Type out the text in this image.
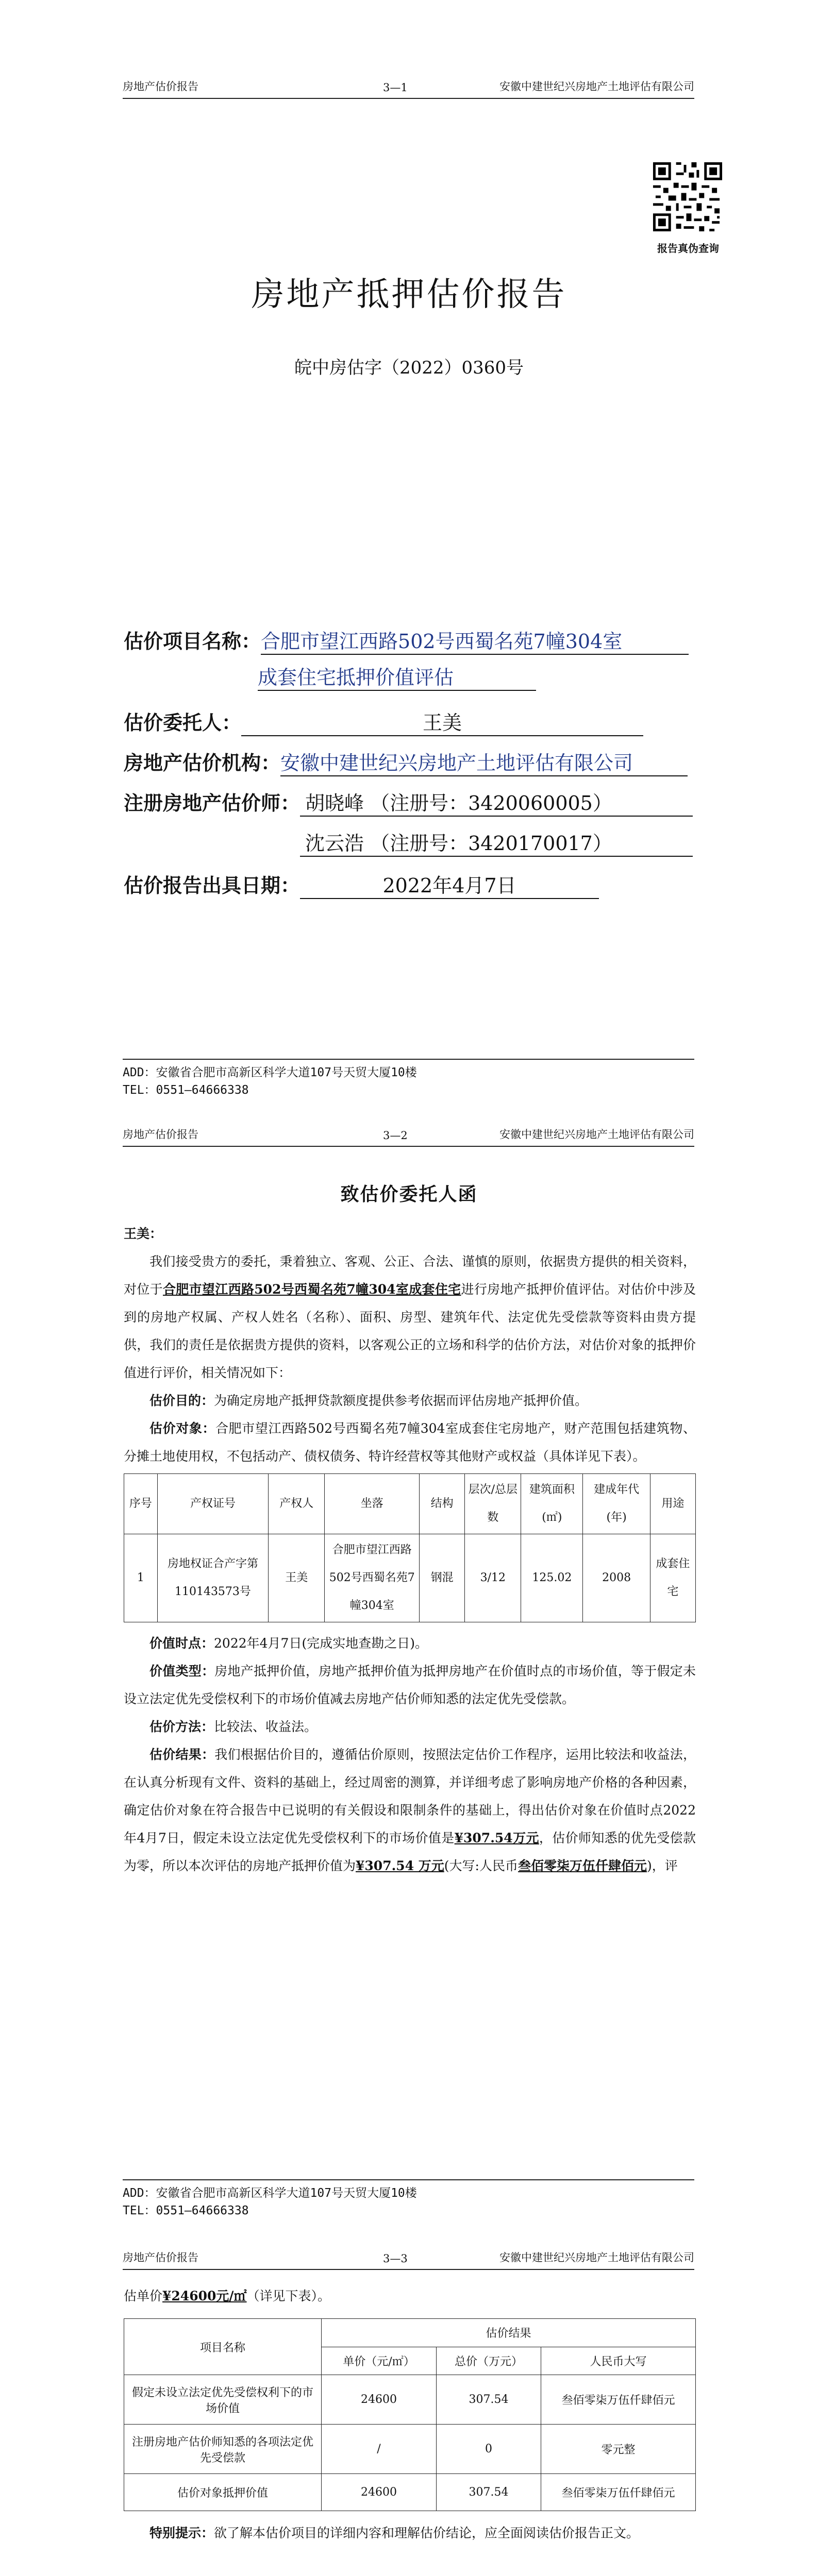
房地产估价报告	3—1	安徽中建世纪兴房地产土地评估有限公司
报告真伪查询
房地产抵押估价报告
皖中房估字（2022）0360号
估价项目名称：合肥市望江西路502号西蜀名苑7幢304室
成套住宅抵押价值评估
估价委托人：	王美
房地产估价机构：安徽中建世纪兴房地产土地评估有限公司
注册房地产估价师： 胡晓峰 （注册号：3420060005）
沈云浩 （注册号：3420170017）
估价报告出具日期：	2022年4月7日
ADD：安徽省合肥市高新区科学大道107号天贸大厦10楼
TEL：0551—64666338
房地产估价报告	3—2	安徽中建世纪兴房地产土地评估有限公司
致估价委托人函
王美：
我们接受贵方的委托，秉着独立、客观、公正、合法、谨慎的原则，依据贵方提供的相关资料，对位于合肥市望江西路502号西蜀名苑7幢304室成套住宅进行房地产抵押价值评估。对估价中涉及到的房地产权属、产权人姓名（名称）、面积、房型、建筑年代、法定优先受偿款等资料由贵方提供，我们的责任是依据贵方提供的资料，以客观公正的立场和科学的估价方法，对估价对象的抵押价值进行评价，相关情况如下：
估价目的：为确定房地产抵押贷款额度提供参考依据而评估房地产抵押价值。
估价对象：合肥市望江西路502号西蜀名苑7幢304室成套住宅房地产，财产范围包括建筑物、分摊土地使用权，不包括动产、债权债务、特许经营权等其他财产或权益（具体详见下表）。
序号	产权证号	产权人	坐落	结构	层次/总层数	建筑面积(㎡)	建成年代(年)	用途
1	房地权证合产字第110143573号	王美	合肥市望江西路502号西蜀名苑7幢304室	钢混	3/12	125.02	2008	成套住宅
价值时点：2022年4月7日(完成实地查勘之日)。
价值类型：房地产抵押价值，房地产抵押价值为抵押房地产在价值时点的市场价值，等于假定未设立法定优先受偿权利下的市场价值减去房地产估价师知悉的法定优先受偿款。
估价方法：比较法、收益法。
估价结果：我们根据估价目的，遵循估价原则，按照法定估价工作程序，运用比较法和收益法，在认真分析现有文件、资料的基础上，经过周密的测算，并详细考虑了影响房地产价格的各种因素，确定估价对象在符合报告中已说明的有关假设和限制条件的基础上，得出估价对象在价值时点2022年4月7日，假定未设立法定优先受偿权利下的市场价值是¥307.54万元，估价师知悉的优先受偿款为零，所以本次评估的房地产抵押价值为¥307.54 万元(大写:人民币叁佰零柒万伍仟肆佰元)，评
ADD：安徽省合肥市高新区科学大道107号天贸大厦10楼
TEL：0551—64666338
房地产估价报告	3—3	安徽中建世纪兴房地产土地评估有限公司
估单价¥24600元/㎡（详见下表）。
项目名称	估价结果		
	单价（元/㎡）	总价（万元）	人民币大写
假定未设立法定优先受偿权利下的市场价值	24600	307.54	叁佰零柒万伍仟肆佰元
注册房地产估价师知悉的各项法定优先受偿款	/	0	零元整
估价对象抵押价值	24600	307.54	叁佰零柒万伍仟肆佰元
特别提示：欲了解本估价项目的详细内容和理解估价结论，应全面阅读估价报告正文。
